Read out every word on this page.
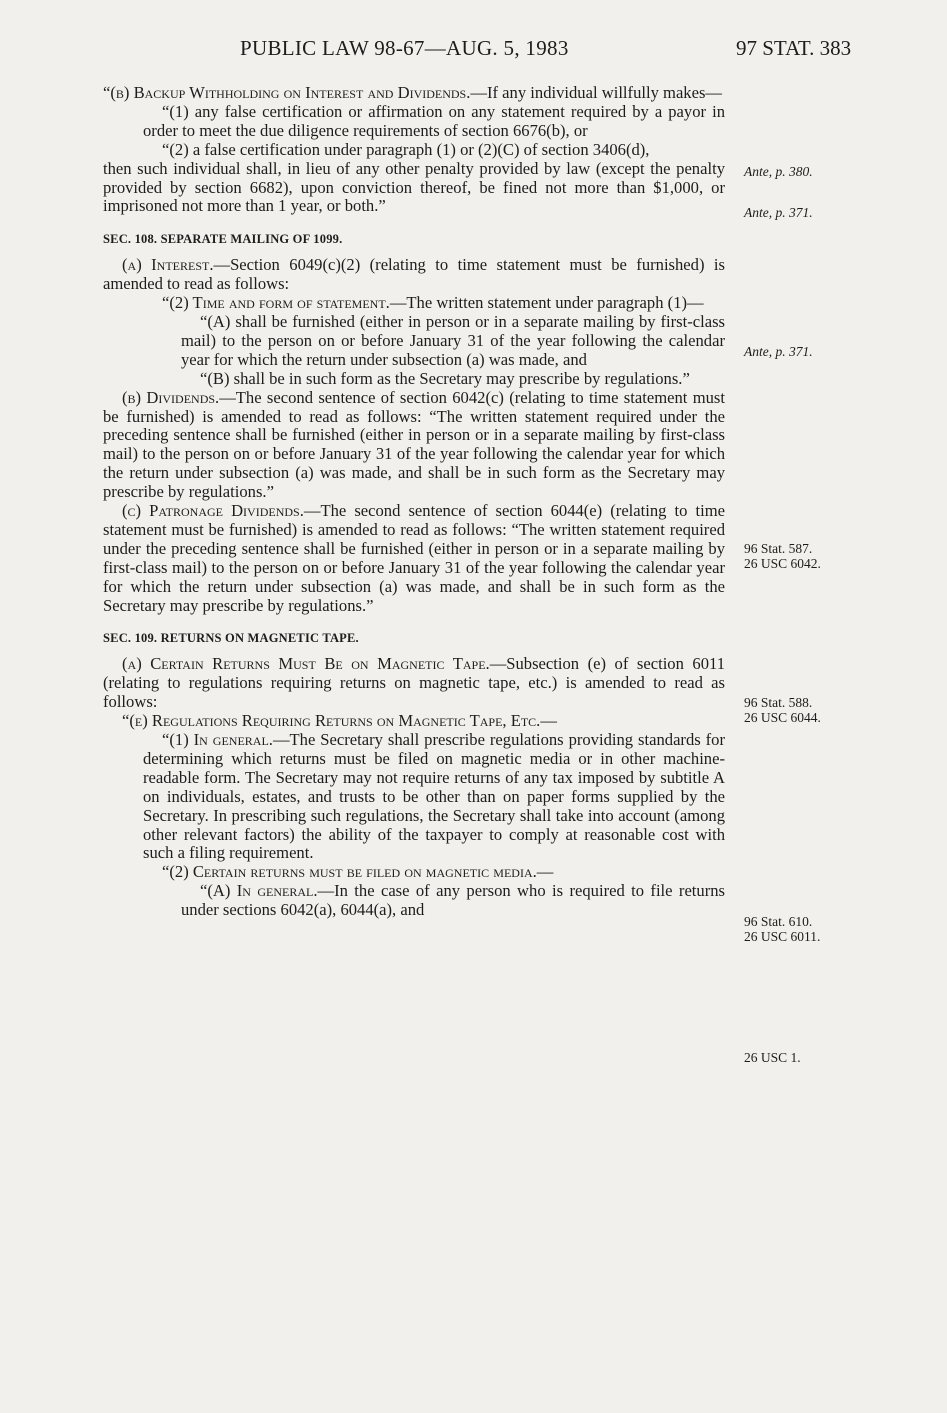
PUBLIC LAW 98-67—AUG. 5, 1983	97 STAT. 383

“(b) Backup Withholding on Interest and Dividends.—If any individual willfully makes—

“(1) any false certification or affirmation on any statement required by a payor in order to meet the due diligence requirements of section 6676(b), or

“(2) a false certification under paragraph (1) or (2)(C) of section 3406(d),

then such individual shall, in lieu of any other penalty provided by law (except the penalty provided by section 6682), upon conviction thereof, be fined not more than $1,000, or imprisoned not more than 1 year, or both.”

SEC. 108. SEPARATE MAILING OF 1099.

(a) Interest.—Section 6049(c)(2) (relating to time statement must be furnished) is amended to read as follows:

“(2) Time and form of statement.—The written statement under paragraph (1)—

“(A) shall be furnished (either in person or in a separate mailing by first-class mail) to the person on or before January 31 of the year following the calendar year for which the return under subsection (a) was made, and

“(B) shall be in such form as the Secretary may prescribe by regulations.”

(b) Dividends.—The second sentence of section 6042(c) (relating to time statement must be furnished) is amended to read as follows: “The written statement required under the preceding sentence shall be furnished (either in person or in a separate mailing by first-class mail) to the person on or before January 31 of the year following the calendar year for which the return under subsection (a) was made, and shall be in such form as the Secretary may prescribe by regulations.”

(c) Patronage Dividends.—The second sentence of section 6044(e) (relating to time statement must be furnished) is amended to read as follows: “The written statement required under the preceding sentence shall be furnished (either in person or in a separate mailing by first-class mail) to the person on or before January 31 of the year following the calendar year for which the return under subsection (a) was made, and shall be in such form as the Secretary may prescribe by regulations.”

SEC. 109. RETURNS ON MAGNETIC TAPE.

(a) Certain Returns Must Be on Magnetic Tape.—Subsection (e) of section 6011 (relating to regulations requiring returns on magnetic tape, etc.) is amended to read as follows:

“(e) Regulations Requiring Returns on Magnetic Tape, Etc.—

“(1) In general.—The Secretary shall prescribe regulations providing standards for determining which returns must be filed on magnetic media or in other machine-readable form. The Secretary may not require returns of any tax imposed by subtitle A on individuals, estates, and trusts to be other than on paper forms supplied by the Secretary. In prescribing such regulations, the Secretary shall take into account (among other relevant factors) the ability of the taxpayer to comply at reasonable cost with such a filing requirement.

“(2) Certain returns must be filed on magnetic media.—

“(A) In general.—In the case of any person who is required to file returns under sections 6042(a), 6044(a), and

Ante, p. 380.
Ante, p. 371.
Ante, p. 371.
96 Stat. 587.
26 USC 6042.
96 Stat. 588.
26 USC 6044.
96 Stat. 610.
26 USC 6011.
26 USC 1.
